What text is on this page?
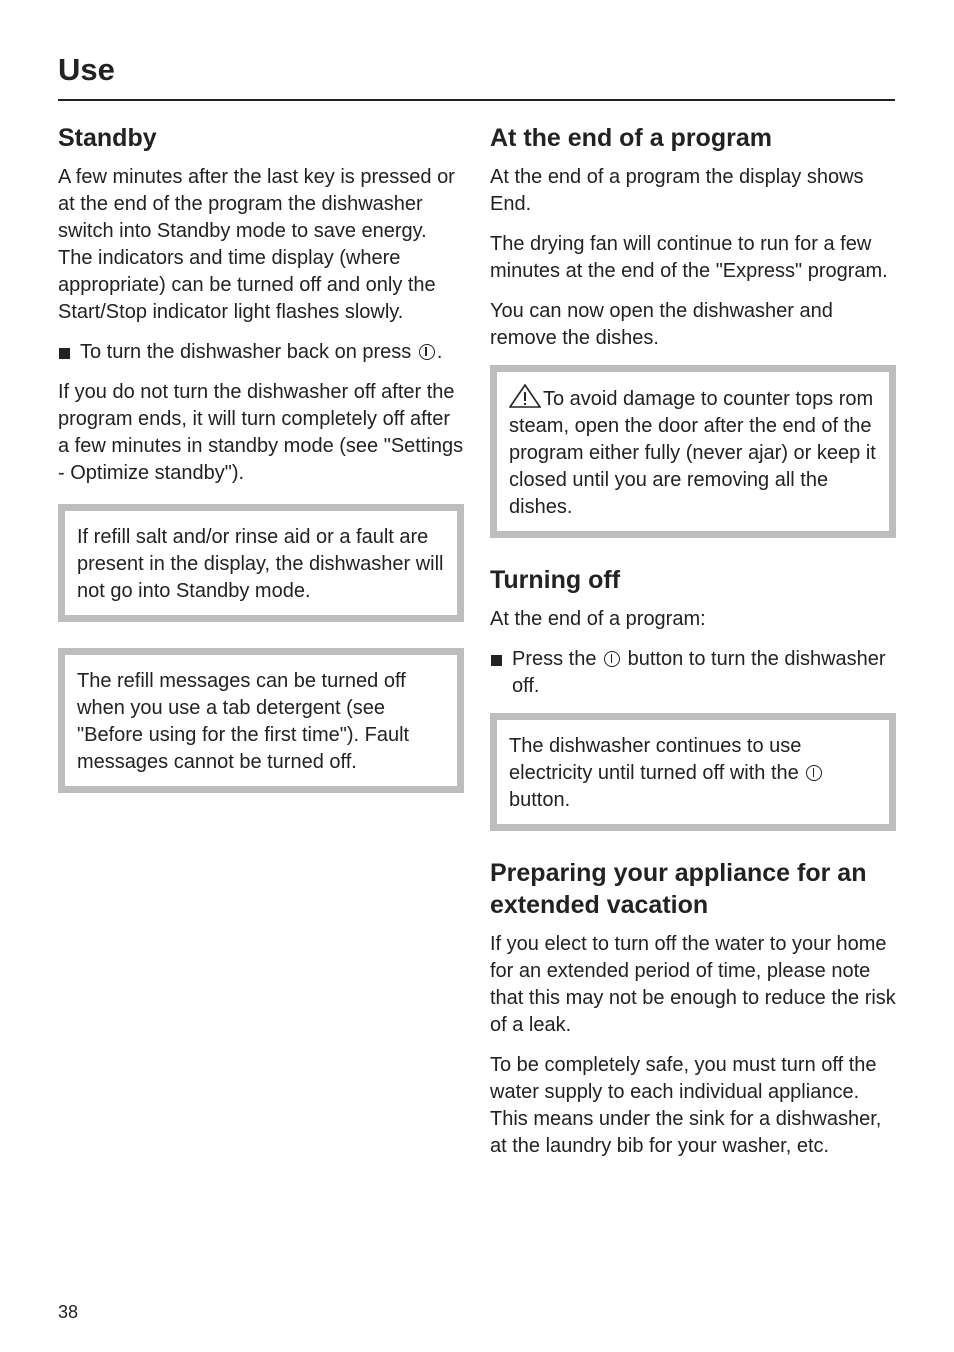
Use
Standby

A few minutes after the last key is pressed or at the end of the program the dishwasher switch into Standby mode to save energy. The indicators and time display (where appropriate) can be turned off and only the Start/Stop indicator light flashes slowly.

To turn the dishwasher back on press .

If you do not turn the dishwasher off after the program ends, it will turn completely off after a few minutes in standby mode (see "Settings - Optimize standby").

If refill salt and/or rinse aid or a fault are present in the display, the dishwasher will not go into Standby mode.

The refill messages can be turned off when you use a tab detergent (see "Before using for the first time"). Fault messages cannot be turned off.

At the end of a program

At the end of a program the display shows End.

The drying fan will continue to run for a few minutes at the end of the "Express" program.

You can now open the dishwasher and remove the dishes.

To avoid damage to counter tops rom steam, open the door after the end of the program either fully (never ajar) or keep it closed until you are removing all the dishes.

Turning off

At the end of a program:

Press the button to turn the dishwasher off.

The dishwasher continues to use electricity until turned off with the  button.

Preparing your appliance for an extended vacation

If you elect to turn off the water to your home for an extended period of time, please note that this may not be enough to reduce the risk of a leak.

To be completely safe, you must turn off the water supply to each individual appliance. This means under the sink for a dishwasher, at the laundry bib for your washer, etc.

38
